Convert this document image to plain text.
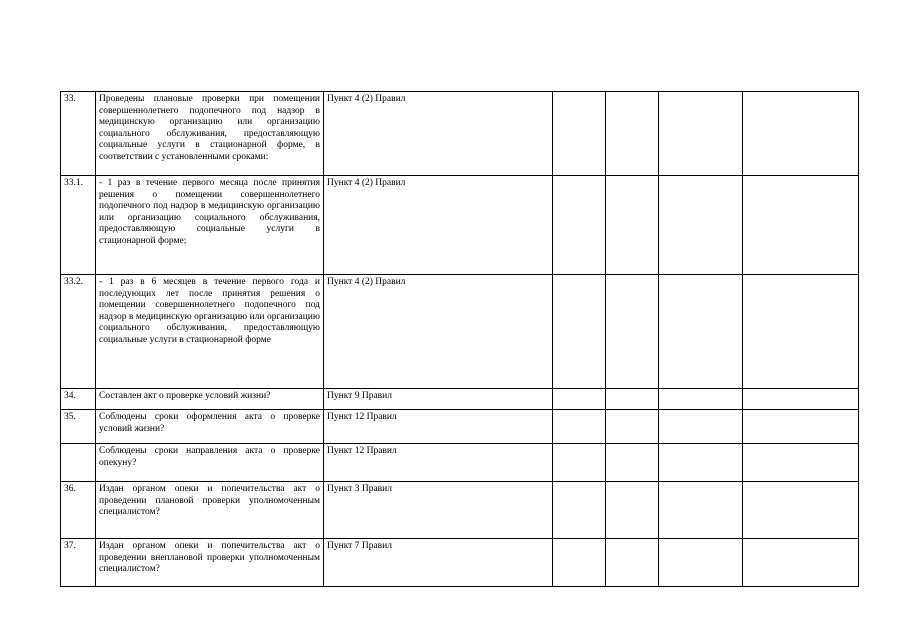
33.	Проведены плановые проверки при помещении совершеннолетнего подопечного под надзор в медицинскую организацию или организацию социального обслуживания, предоставляющую социальные услуги в стационарной форме, в соответствии с установленными сроками:	Пункт 4 (2) Правил				
33.1.	- 1 раз в течение первого месяца после принятия решения о помещении совершеннолетнего подопечного под надзор в медицинскую организацию или организацию социального обслуживания, предоставляющую социальные услуги в стационарной форме;	Пункт 4 (2) Правил				
33.2.	- 1 раз в 6 месяцев в течение первого года и последующих лет после принятия решения о помещении совершеннолетнего подопечного под надзор в медицинскую организацию или организацию социального обслуживания, предоставляющую социальные услуги в стационарной форме	Пункт 4 (2) Правил				
34.	Составлен акт о проверке условий жизни?	Пункт 9 Правил				
35.	Соблюдены сроки оформления акта о проверке условий жизни?	Пункт 12 Правил				
	Соблюдены сроки направления акта о проверке опекуну?	Пункт 12 Правил				
36.	Издан органом опеки и попечительства акт о проведении плановой проверки уполномоченным специалистом?	Пункт 3 Правил				
37.	Издан органом опеки и попечительства акт о проведении внеплановой проверки уполномоченным специалистом?	Пункт 7 Правил				
